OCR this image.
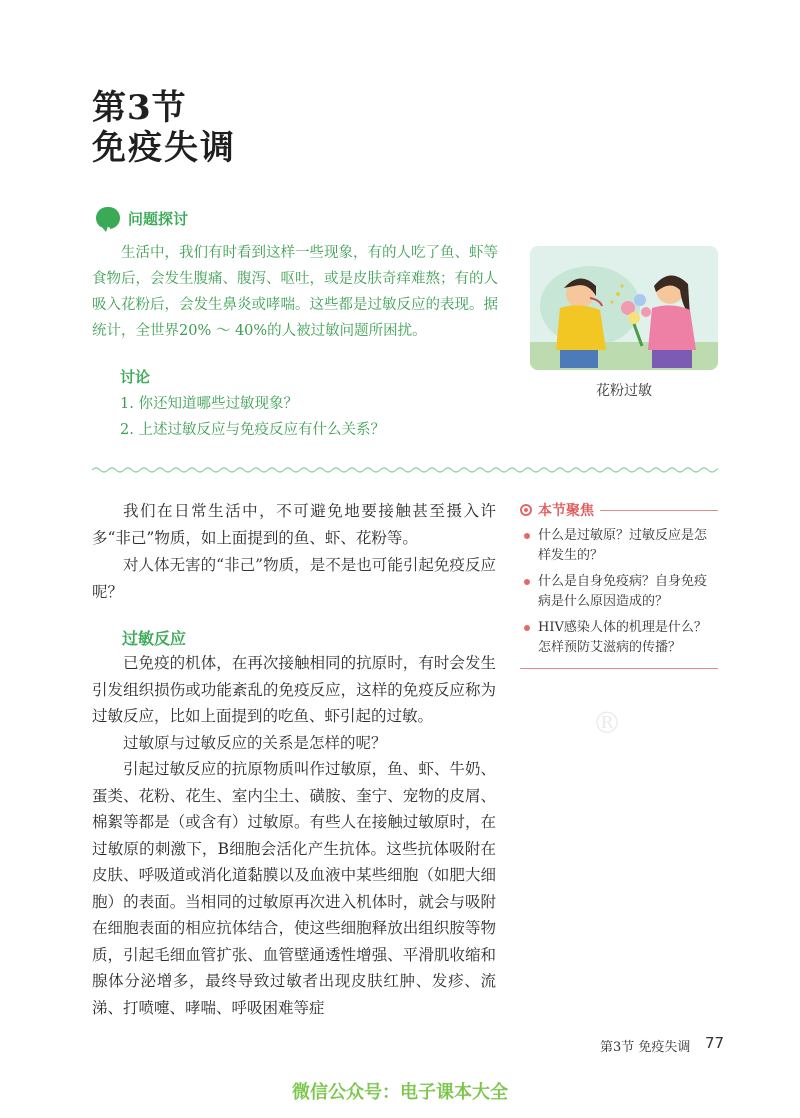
第3节
免疫失调
问题探讨

生活中，我们有时看到这样一些现象，有的人吃了鱼、虾等食物后，会发生腹痛、腹泻、呕吐，或是皮肤奇痒难熬；有的人吸入花粉后，会发生鼻炎或哮喘。这些都是过敏反应的表现。据统计，全世界20% ～ 40%的人被过敏问题所困扰。

讨论
1. 你还知道哪些过敏现象？
2. 上述过敏反应与免疫反应有什么关系？
花粉过敏

我们在日常生活中，不可避免地要接触甚至摄入许多“非己”物质，如上面提到的鱼、虾、花粉等。

对人体无害的“非己”物质，是不是也可能引起免疫反应呢？

过敏反应

已免疫的机体，在再次接触相同的抗原时，有时会发生引发组织损伤或功能紊乱的免疫反应，这样的免疫反应称为过敏反应，比如上面提到的吃鱼、虾引起的过敏。

过敏原与过敏反应的关系是怎样的呢？

引起过敏反应的抗原物质叫作过敏原，鱼、虾、牛奶、蛋类、花粉、花生、室内尘土、磺胺、奎宁、宠物的皮屑、棉絮等都是（或含有）过敏原。有些人在接触过敏原时，在过敏原的刺激下，B细胞会活化产生抗体。这些抗体吸附在皮肤、呼吸道或消化道黏膜以及血液中某些细胞（如肥大细胞）的表面。当相同的过敏原再次进入机体时，就会与吸附在细胞表面的相应抗体结合，使这些细胞释放出组织胺等物质，引起毛细血管扩张、血管壁通透性增强、平滑肌收缩和腺体分泌增多，最终导致过敏者出现皮肤红肿、发疹、流涕、打喷嚏、哮喘、呼吸困难等症

本节聚焦
什么是过敏原？过敏反应是怎样发生的？
什么是自身免疫病？自身免疫病是什么原因造成的？
HIV感染人体的机理是什么？怎样预防艾滋病的传播？
®
第3节 免疫失调 77
微信公众号：电子课本大全
